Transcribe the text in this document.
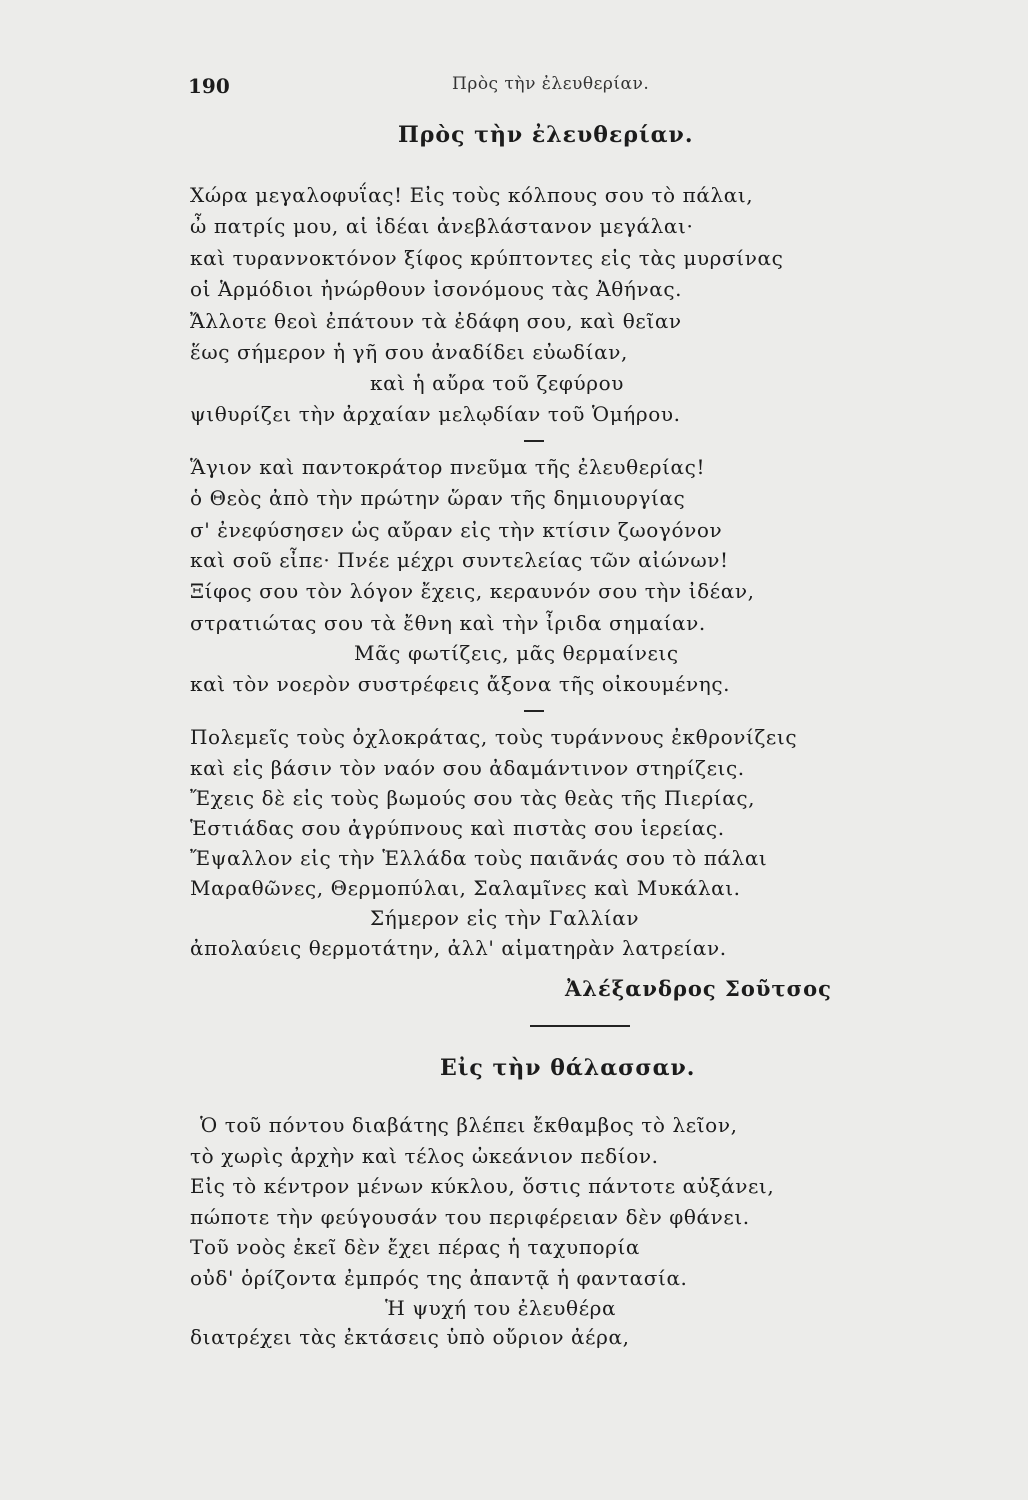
190	Πρὸς τὴν ἐλευθερίαν.
Πρὸς τὴν ἐλευθερίαν.
Χώρα μεγαλοφυΐας! Εἰς τοὺς κόλπους σου τὸ πάλαι,
ὦ πατρίς μου, αἱ ἰδέαι ἀνεβλάστανον μεγάλαι·
καὶ τυραννοκτόνον ξίφος κρύπτοντες εἰς τὰς μυρσίνας
οἱ Ἁρμόδιοι ἠνώρθουν ἰσονόμους τὰς Ἀθήνας.
Ἄλλοτε θεοὶ ἐπάτουν τὰ ἐδάφη σου, καὶ θεῖαν
ἕως σήμερον ἡ γῆ σου ἀναδίδει εὐωδίαν,
καὶ ἡ αὔρα τοῦ ζεφύρου
ψιθυρίζει τὴν ἀρχαίαν μελῳδίαν τοῦ Ὁμήρου.
Ἅγιον καὶ παντοκράτορ πνεῦμα τῆς ἐλευθερίας!
ὁ Θεὸς ἀπὸ τὴν πρώτην ὥραν τῆς δημιουργίας
σ' ἐνεφύσησεν ὡς αὔραν εἰς τὴν κτίσιν ζωογόνον
καὶ σοῦ εἶπε· Πνέε μέχρι συντελείας τῶν αἰώνων!
Ξίφος σου τὸν λόγον ἔχεις, κεραυνόν σου τὴν ἰδέαν,
στρατιώτας σου τὰ ἔθνη καὶ τὴν ἶριδα σημαίαν.
Μᾶς φωτίζεις, μᾶς θερμαίνεις
καὶ τὸν νοερὸν συστρέφεις ἄξονα τῆς οἰκουμένης.
Πολεμεῖς τοὺς ὀχλοκράτας, τοὺς τυράννους ἐκθρονίζεις
καὶ εἰς βάσιν τὸν ναόν σου ἀδαμάντινον στηρίζεις.
Ἔχεις δὲ εἰς τοὺς βωμούς σου τὰς θεὰς τῆς Πιερίας,
Ἑστιάδας σου ἀγρύπνους καὶ πιστὰς σου ἱερείας.
Ἔψαλλον εἰς τὴν Ἑλλάδα τοὺς παιᾶνάς σου τὸ πάλαι
Μαραθῶνες, Θερμοπύλαι, Σαλαμῖνες καὶ Μυκάλαι.
Σήμερον εἰς τὴν Γαλλίαν
ἀπολαύεις θερμοτάτην, ἀλλ' αἱματηρὰν λατρείαν.
Ἀλέξανδρος Σοῦτσος
Εἰς τὴν θάλασσαν.
Ὁ τοῦ πόντου διαβάτης βλέπει ἔκθαμβος τὸ λεῖον,
τὸ χωρὶς ἀρχὴν καὶ τέλος ὠκεάνιον πεδίον.
Εἰς τὸ κέντρον μένων κύκλου, ὅστις πάντοτε αὐξάνει,
πώποτε τὴν φεύγουσάν του περιφέρειαν δὲν φθάνει.
Τοῦ νοὸς ἐκεῖ δὲν ἔχει πέρας ἡ ταχυπορία
οὐδ' ὁρίζοντα ἐμπρός της ἀπαντᾷ ἡ φαντασία.
Ἡ ψυχή του ἐλευθέρα
διατρέχει τὰς ἐκτάσεις ὑπὸ οὔριον ἀέρα,
